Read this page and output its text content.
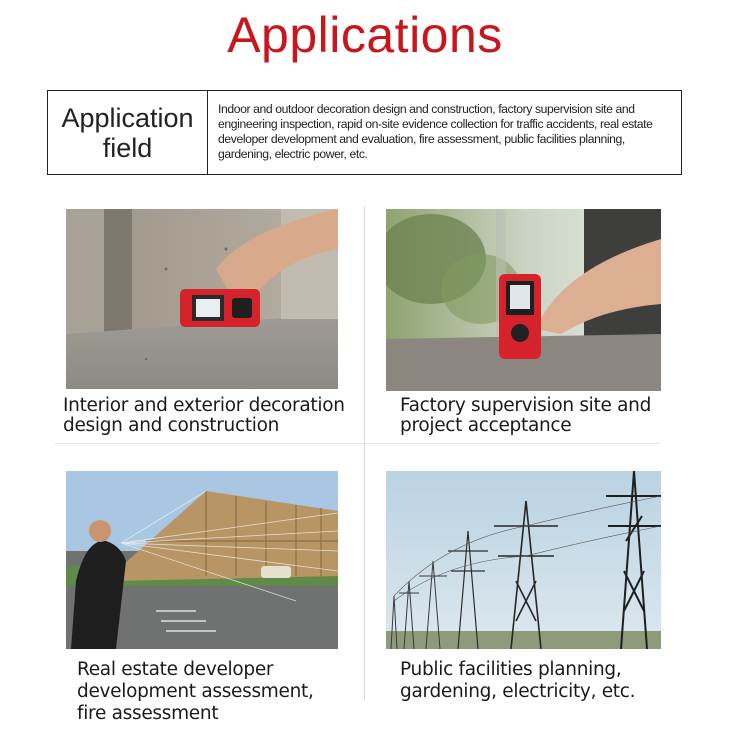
Applications
Application
field
Indoor and outdoor decoration design and construction, factory supervision site and
engineering inspection, rapid on-site evidence collection for traffic accidents, real estate
developer development and evaluation, fire assessment, public facilities planning,
gardening, electric power, etc.
Interior and exterior decoration
design and construction
Factory supervision site and
project acceptance
Real estate developer
development assessment,
fire assessment
Public facilities planning,
gardening, electricity, etc.
